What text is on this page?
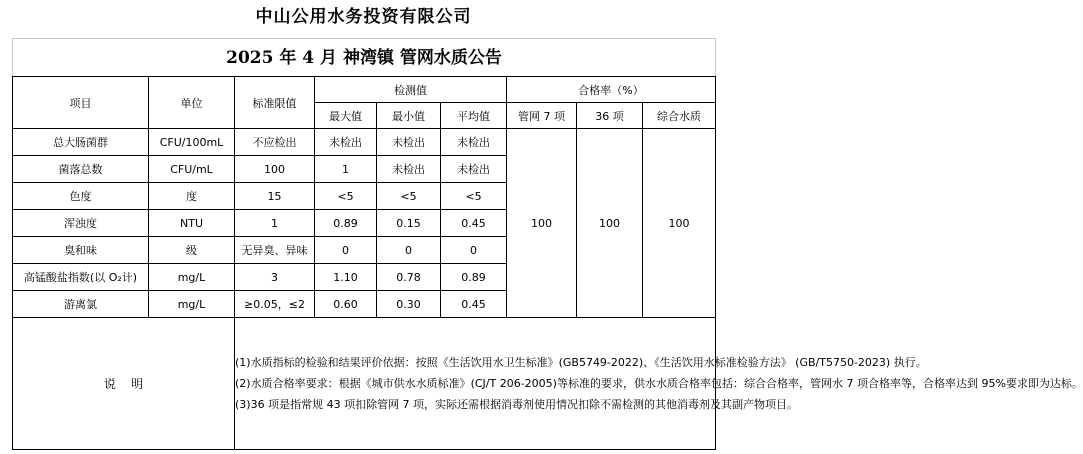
中山公用水务投资有限公司
2025 年 4 月 神湾镇 管网水质公告
项目	单位	标准限值	检测值			合格率（%）		
			最大值	最小值	平均值	管网 7 项	36 项	综合水质
总大肠菌群	CFU/100mL	不应检出	未检出	未检出	未检出	100	100	100
菌落总数	CFU/mL	100	1	未检出	未检出			
色度	度	15	<5	<5	<5			
浑浊度	NTU	1	0.89	0.15	0.45			
臭和味	级	无异臭、异味	0	0	0			
高锰酸盐指数(以 O₂计)	mg/L	3	1.10	0.78	0.89			
游离氯	mg/L	≥0.05，≤2	0.60	0.30	0.45			
说    明		(1)水质指标的检验和结果评价依据：按照《生活饮用水卫生标准》(GB5749-2022)、《生活饮用水标准检验方法》 (GB/T5750-2023) 执行。
(2)水质合格率要求：根据《城市供水水质标准》(CJ/T 206-2005)等标准的要求，供水水质合格率包括：综合合格率，管网水 7 项合格率等，合格率达到 95%要求即为达标。
(3)36 项是指常规 43 项扣除管网 7 项，实际还需根据消毒剂使用情况扣除不需检测的其他消毒剂及其副产物项目。						
